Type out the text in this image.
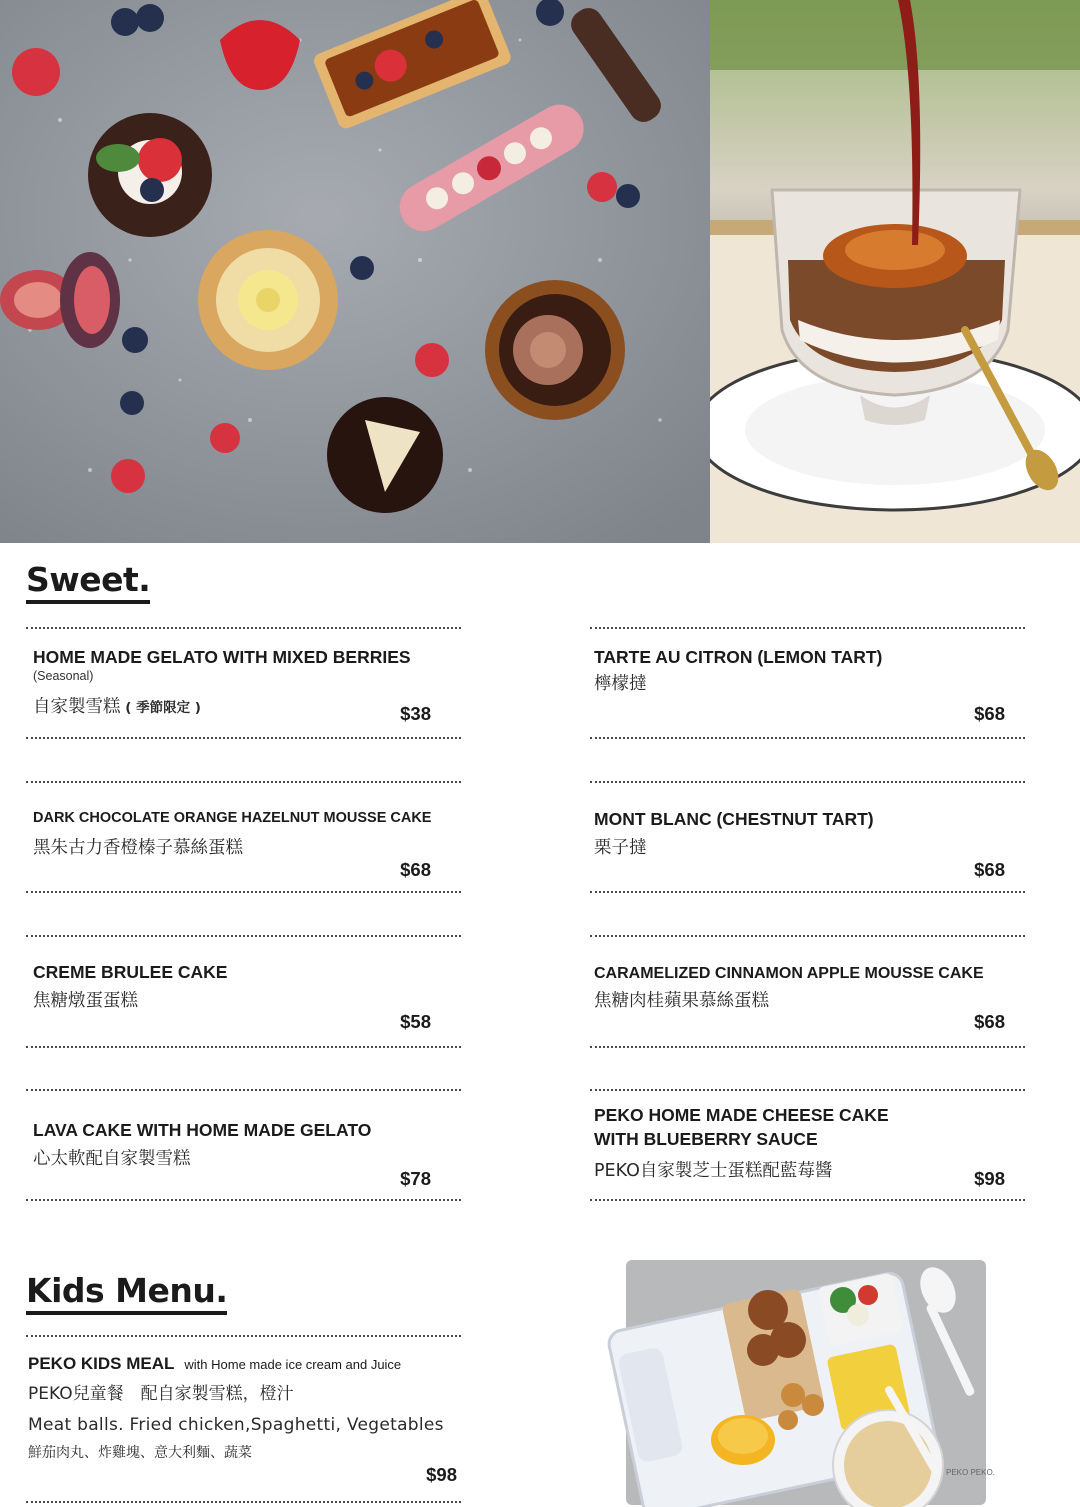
Sweet.
HOME MADE GELATO WITH MIXED BERRIES
(Seasonal)
自家製雪糕 ( 季節限定 )	$38
TARTE AU CITRON (LEMON TART)
檸檬撻
$68
DARK CHOCOLATE ORANGE HAZELNUT MOUSSE CAKE
黑朱古力香橙榛子慕絲蛋糕
$68
MONT BLANC (CHESTNUT TART)
栗子撻
$68
CREME BRULEE CAKE
焦糖燉蛋蛋糕
$58
CARAMELIZED CINNAMON APPLE MOUSSE CAKE
焦糖肉桂蘋果慕絲蛋糕
$68
LAVA CAKE WITH HOME MADE GELATO
心太軟配自家製雪糕
$78
PEKO HOME MADE CHEESE CAKE
WITH BLUEBERRY SAUCE
PEKO自家製芝士蛋糕配藍莓醬	$98
Kids Menu.
PEKO KIDS MEAL with Home made ice cream and Juice
PEKO兒童餐　配自家製雪糕，橙汁
Meat balls. Fried chicken,Spaghetti, Vegetables
鮮茄肉丸、炸雞塊、意大利麵、蔬菜
$98	PEKO PEKO.
